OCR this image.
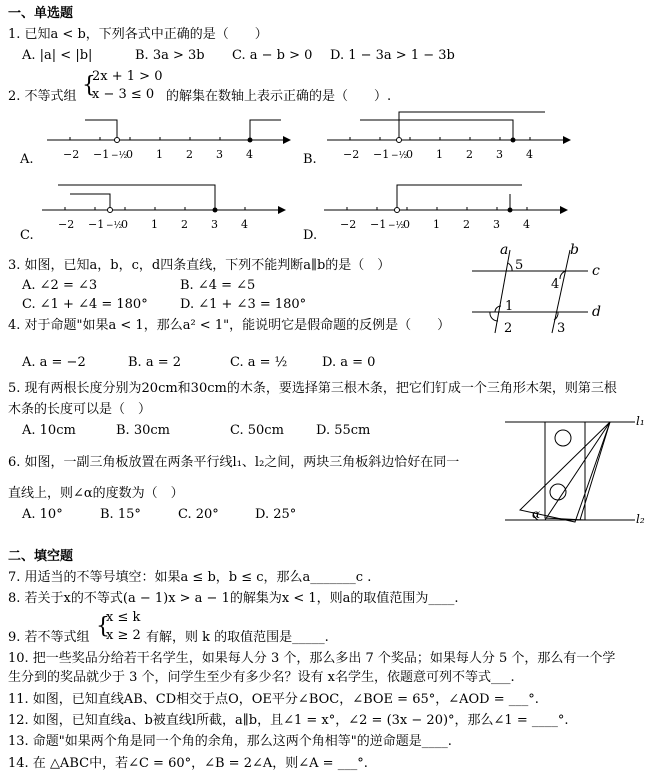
一、单选题
1. 已知a < b，下列各式中正确的是（　　）
A. |a| < |b|	B. 3a > 3b C. a − b > 0 D. 1 − 3a > 1 − 3b
2. 不等式组 {
2x + 1 > 0
x − 3 ≤ 0 的解集在数轴上表示正确的是（　　）.
A.	−2 −1 −½
0 1 2 3 4	B. −2 −1 −½
0 1 2 3 4
C.
−2 −1 −½
0 1 2 3 4
D.
−2 −1 −½
0 1 2 3 4
3. 如图，已知a，b，c，d四条直线，下列不能判断a∥b的是（　）
A. ∠2 = ∠3	B. ∠4 = ∠5
C. ∠1 + ∠4 = 180° D. ∠1 + ∠3 = 180°
a	b
c
d
5
4
1
2	3
4. 对于命题"如果a < 1，那么a² < 1"，能说明它是假命题的反例是（　　）
A. a = −2	B. a = 2	C. a = ½	D. a = 0
5. 现有两根长度分别为20cm和30cm的木条，要选择第三根木条，把它们钉成一个三角形木架，则第三根
木条的长度可以是（　）
A. 10cm	B. 30cm	C. 50cm D. 55cm
6. 如图，一副三角板放置在两条平行线l₁、l₂之间，两块三角板斜边恰好在同一
直线上，则∠α的度数为（　）
A. 10°	B. 15°	C. 20°	D. 25°
l₁
l₂
α
二、填空题
7. 用适当的不等号填空：如果a ≤ b，b ≤ c，那么a_______c .
8. 若关于x的不等式(a − 1)x > a − 1的解集为x < 1，则a的取值范围为____.
9. 若不等式组 {
x ≤ k
x ≥ 2 有解，则 k 的取值范围是_____.
10. 把一些奖品分给若干名学生，如果每人分 3 个，那么多出 7 个奖品；如果每人分 5 个，那么有一个学
生分到的奖品就少于 3 个，问学生至少有多少名？设有 x名学生，依题意可列不等式___.
11. 如图，已知直线AB、CD相交于点O，OE平分∠BOC，∠BOE = 65°，∠AOD = ___°.
12. 如图，已知直线a、b被直线l所截，a∥b，且∠1 = x°，∠2 = (3x − 20)°，那么∠1 = ____°.
13. 命题"如果两个角是同一个角的余角，那么这两个角相等"的逆命题是____.
14. 在 △ABC中，若∠C = 60°，∠B = 2∠A，则∠A = ___°.
